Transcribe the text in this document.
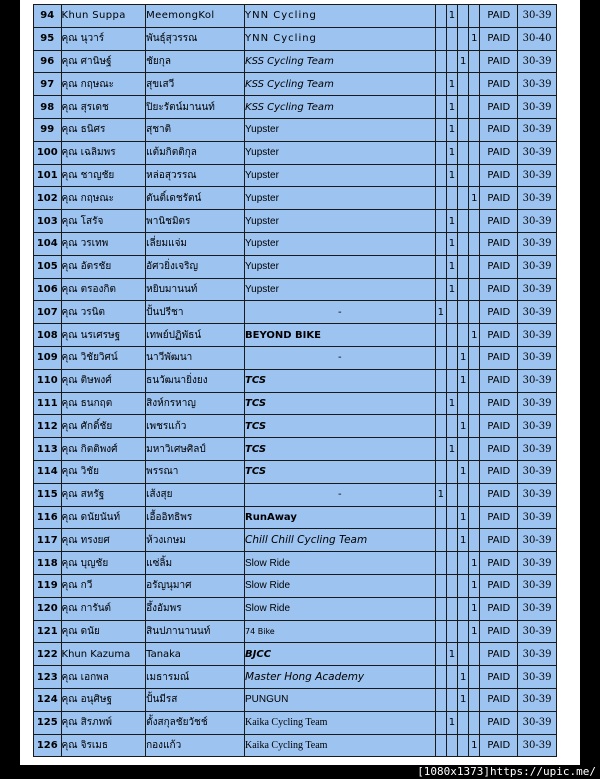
94	Khun Suppa	MeemongKol	YNN Cycling		1			PAID	30-39
95	คุณ นุวาร์	พันธุ์สุวรรณ	YNN Cycling				1	PAID	30-40
96	คุณ ศานิษฐ์	ชัยกุล	KSS Cycling Team			1		PAID	30-39
97	คุณ กฤษณะ	สุขเสวี	KSS Cycling Team		1			PAID	30-39
98	คุณ สุรเดช	ปิยะรัตน์มานนท์	KSS Cycling Team		1			PAID	30-39
99	คุณ ธนิศร	สุชาติ	Yupster		1			PAID	30-39
100	คุณ เฉลิมพร	แต้มกิตติกุล	Yupster		1			PAID	30-39
101	คุณ ชาญชัย	หล่อสุวรรณ	Yupster		1			PAID	30-39
102	คุณ กฤษณะ	ตันติ์เดชรัตน์	Yupster				1	PAID	30-39
103	คุณ โสรัจ	พานิชมิตร	Yupster		1			PAID	30-39
104	คุณ วรเทพ	เลี่ยมแจ่ม	Yupster		1			PAID	30-39
105	คุณ อัตรชัย	อัศวยิ่งเจริญ	Yupster		1			PAID	30-39
106	คุณ ตรองกิต	หยิบมานนท์	Yupster		1			PAID	30-39
107	คุณ วรนิต	ปั้นปรีชา	-	1				PAID	30-39
108	คุณ นรเศรษฐ	เทพย์ปฏิพัธน์	BEYOND BIKE				1	PAID	30-39
109	คุณ วิชัยวิศน์	นาวีพัฒนา	-			1		PAID	30-39
110	คุณ ติษพงศ์	ธนวัฒนายิ่งยง	TCS			1		PAID	30-39
111	คุณ ธนกฤต	สิงห์กรหาญ	TCS		1			PAID	30-39
112	คุณ ศักดิ์ชัย	เพชรแก้ว	TCS			1		PAID	30-39
113	คุณ กิตติพงศ์	มหาวิเศษศิลป์	TCS		1			PAID	30-39
114	คุณ วิชัย	พรรณา	TCS			1		PAID	30-39
115	คุณ สหรัฐ	เส้งสุย	-	1				PAID	30-39
116	คุณ ดนัยนันท์	เอื้ออิทธิพร	RunAway			1		PAID	30-39
117	คุณ ทรงยศ	ห้วงเกษม	Chill Chill Cycling Team			1		PAID	30-39
118	คุณ บุญชัย	แซ่ลิ้ม	Slow Ride				1	PAID	30-39
119	คุณ กวี	อรัญนุมาศ	Slow Ride				1	PAID	30-39
120	คุณ การันต์	อึ้งอัมพร	Slow Ride				1	PAID	30-39
121	คุณ ดนัย	สินปภานานนท์	74 Bike				1	PAID	30-39
122	Khun Kazuma	Tanaka	BJCC		1			PAID	30-39
123	คุณ เอกพล	เมธารมณ์	Master Hong Academy			1		PAID	30-39
124	คุณ อนุศิษฐ	ปั้นมีรส	PUNGUN			1		PAID	30-39
125	คุณ สิรภพพ์	ตั้งสกุลชัยวัชช์	Kaika Cycling Team		1			PAID	30-39
126	คุณ จิรเมธ	กองแก้ว	Kaika Cycling Team				1	PAID	30-39
[1080x1373]https://upic.me/
